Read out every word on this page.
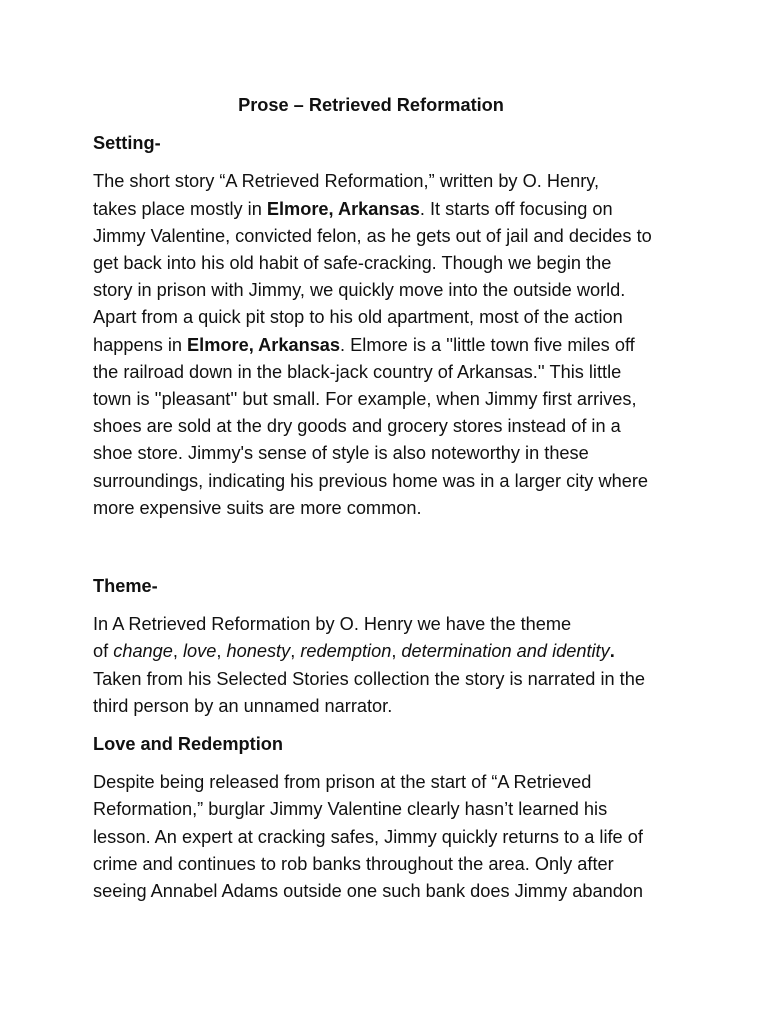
Prose – Retrieved Reformation
Setting-
The short story “A Retrieved Reformation,” written by O. Henry,
takes place mostly in Elmore, Arkansas. It starts off focusing on
Jimmy Valentine, convicted felon, as he gets out of jail and decides to
get back into his old habit of safe-cracking. Though we begin the
story in prison with Jimmy, we quickly move into the outside world.
Apart from a quick pit stop to his old apartment, most of the action
happens in Elmore, Arkansas. Elmore is a ''little town five miles off
the railroad down in the black-jack country of Arkansas.'' This little
town is ''pleasant'' but small. For example, when Jimmy first arrives,
shoes are sold at the dry goods and grocery stores instead of in a
shoe store. Jimmy's sense of style is also noteworthy in these
surroundings, indicating his previous home was in a larger city where
more expensive suits are more common.
Theme-
In A Retrieved Reformation by O. Henry we have the theme
of change, love, honesty, redemption, determination and identity.
Taken from his Selected Stories collection the story is narrated in the
third person by an unnamed narrator.
Love and Redemption
Despite being released from prison at the start of “A Retrieved
Reformation,” burglar Jimmy Valentine clearly hasn’t learned his
lesson. An expert at cracking safes, Jimmy quickly returns to a life of
crime and continues to rob banks throughout the area. Only after
seeing Annabel Adams outside one such bank does Jimmy abandon
